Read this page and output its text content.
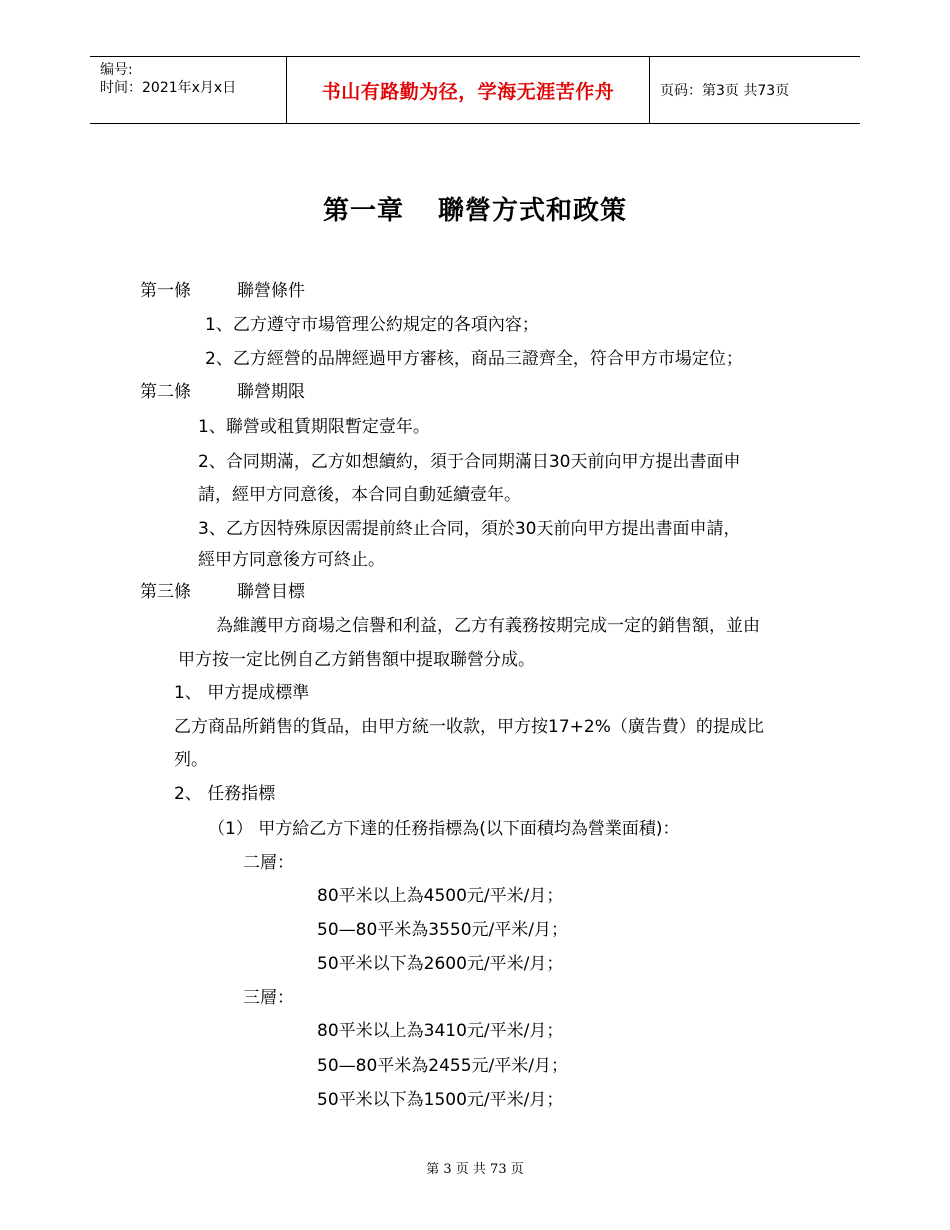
编号:
时间：2021年x月x日	书山有路勤为径，学海无涯苦作舟	页码：第3页 共73页
第一章 聯營方式和政策
第一條	聯營條件
1、乙方遵守市場管理公約規定的各項內容；
2、乙方經營的品牌經過甲方審核，商品三證齊全，符合甲方市場定位；
第二條	聯營期限
1、聯營或租賃期限暫定壹年。
2、合同期滿，乙方如想續約，須于合同期滿日30天前向甲方提出書面申
請，經甲方同意後，本合同自動延續壹年。
3、乙方因特殊原因需提前終止合同，須於30天前向甲方提出書面申請，
經甲方同意後方可終止。
第三條	聯營目標
為維護甲方商場之信譽和利益，乙方有義務按期完成一定的銷售額，並由
甲方按一定比例自乙方銷售額中提取聯營分成。
1、 甲方提成標準
乙方商品所銷售的貨品，由甲方統一收款，甲方按17+2%（廣告費）的提成比
列。
2、 任務指標
（1） 甲方給乙方下達的任務指標為(以下面積均為營業面積)：
二層：
80平米以上為4500元/平米/月；
50—80平米為3550元/平米/月；
50平米以下為2600元/平米/月；
三層：
80平米以上為3410元/平米/月；
50—80平米為2455元/平米/月；
50平米以下為1500元/平米/月；
第 3 页 共 73 页
